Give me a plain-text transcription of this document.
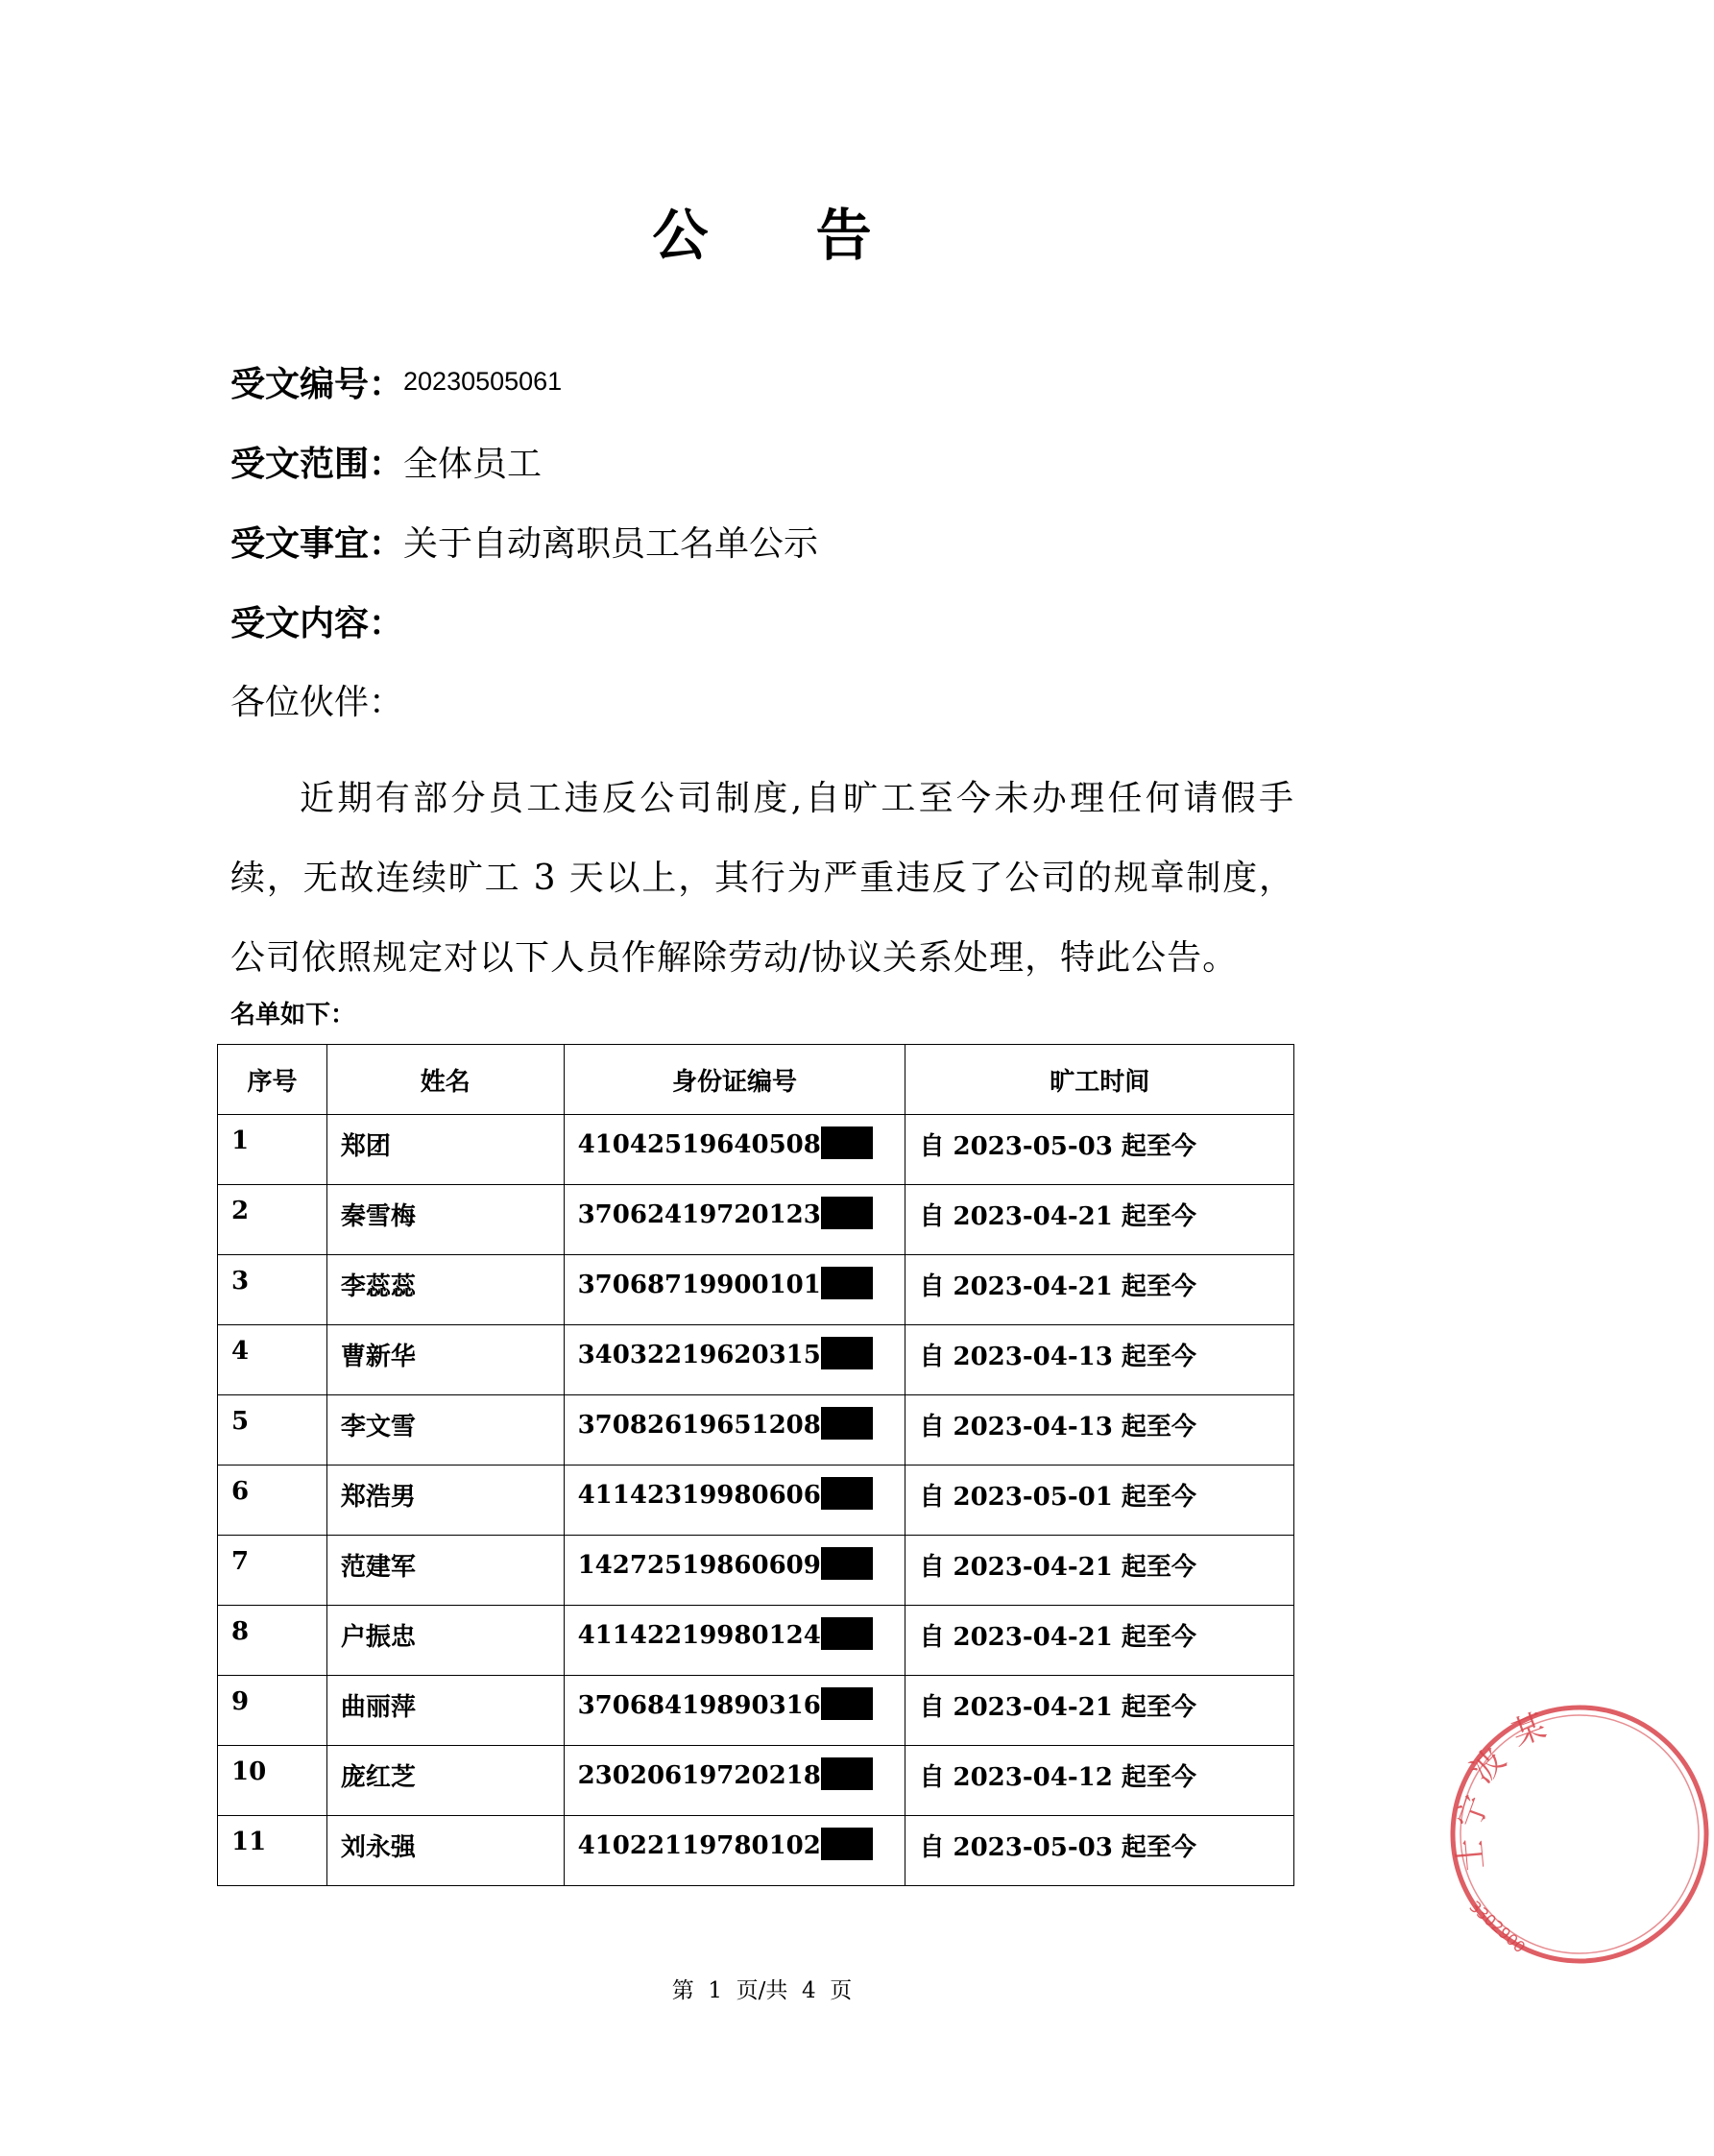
公 告
受文编号：20230505061
受文范围：全体员工
受文事宜：关于自动离职员工名单公示
受文内容：
各位伙伴：
近期有部分员工违反公司制度,自旷工至今未办理任何请假手续，无故连续旷工 3 天以上，其行为严重违反了公司的规章制度，公司依照规定对以下人员作解除劳动/协议关系处理，特此公告。
名单如下：
序号	姓名	身份证编号	旷工时间
1	郑团	41042519640508	自 2023-05-03 起至今
2	秦雪梅	37062419720123	自 2023-04-21 起至今
3	李蕊蕊	37068719900101	自 2023-04-21 起至今
4	曹新华	34032219620315	自 2023-04-13 起至今
5	李文雪	37082619651208	自 2023-04-13 起至今
6	郑浩男	41142319980606	自 2023-05-01 起至今
7	范建军	14272519860609	自 2023-04-21 起至今
8	户振忠	41142219980124	自 2023-04-21 起至今
9	曲丽萍	37068419890316	自 2023-04-21 起至今
10	庞红芝	23020619720218	自 2023-04-12 起至今
11	刘永强	41022119780102	自 2023-05-03 起至今
第  1  页/共  4  页
宁
波
某
士
3302900
